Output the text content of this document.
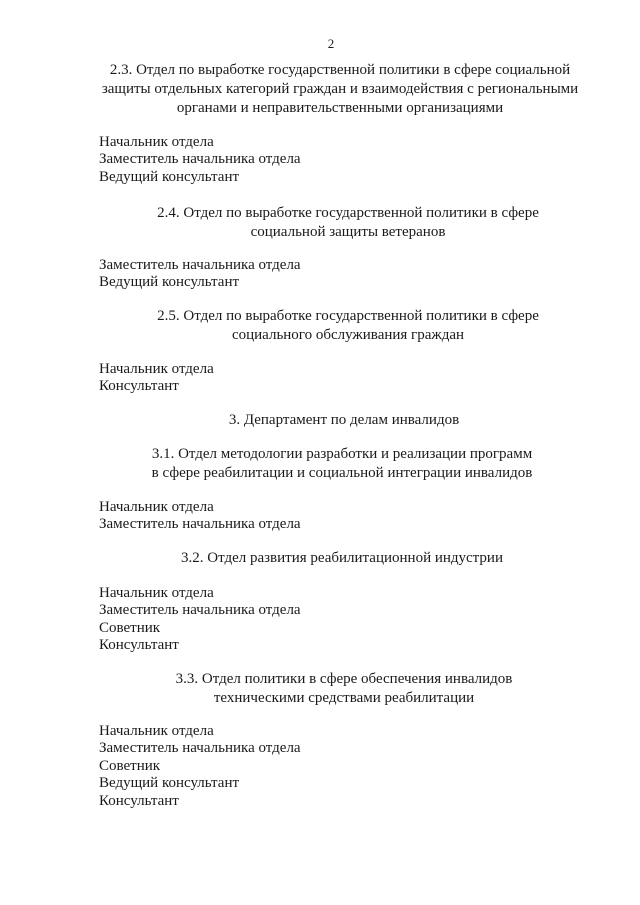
2
2.3. Отдел по выработке государственной политики в сфере социальной
защиты отдельных категорий граждан и взаимодействия с региональными
органами и неправительственными организациями
Начальник отдела
Заместитель начальника отдела
Ведущий консультант
2.4. Отдел по выработке государственной политики в сфере
социальной защиты ветеранов
Заместитель начальника отдела
Ведущий консультант
2.5. Отдел по выработке государственной политики в сфере
социального обслуживания граждан
Начальник отдела
Консультант
3. Департамент по делам инвалидов
3.1. Отдел методологии разработки и реализации программ
в сфере реабилитации и социальной интеграции инвалидов
Начальник отдела
Заместитель начальника отдела
3.2. Отдел развития реабилитационной индустрии
Начальник отдела
Заместитель начальника отдела
Советник
Консультант
3.3. Отдел политики в сфере обеспечения инвалидов
техническими средствами реабилитации
Начальник отдела
Заместитель начальника отдела
Советник
Ведущий консультант
Консультант
